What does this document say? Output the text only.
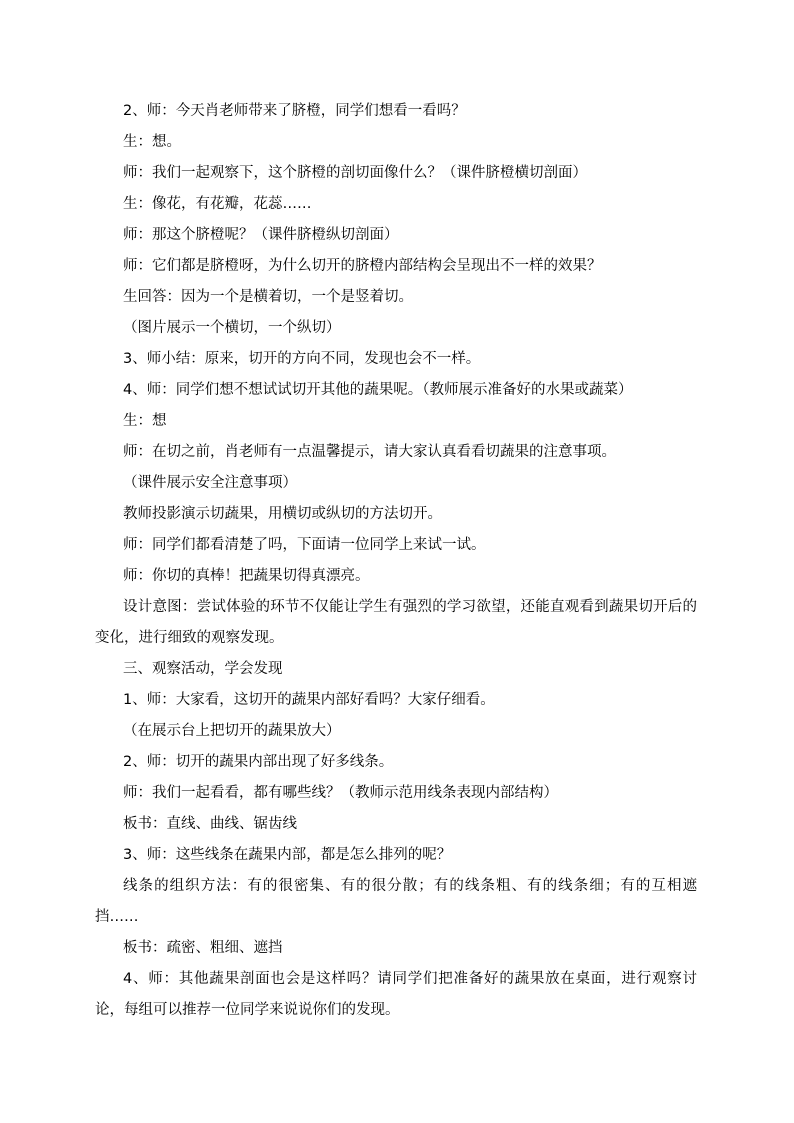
2、师：今天肖老师带来了脐橙，同学们想看一看吗？
生：想。
师：我们一起观察下，这个脐橙的剖切面像什么？（课件脐橙横切剖面）
生：像花，有花瓣，花蕊……
师：那这个脐橙呢？（课件脐橙纵切剖面）
师：它们都是脐橙呀，为什么切开的脐橙内部结构会呈现出不一样的效果？
生回答：因为一个是横着切，一个是竖着切。
（图片展示一个横切，一个纵切）
3、师小结：原来，切开的方向不同，发现也会不一样。
4、师：同学们想不想试试切开其他的蔬果呢。（教师展示准备好的水果或蔬菜）
生：想
师：在切之前，肖老师有一点温馨提示，请大家认真看看切蔬果的注意事项。
（课件展示安全注意事项）
教师投影演示切蔬果，用横切或纵切的方法切开。
师：同学们都看清楚了吗，下面请一位同学上来试一试。
师：你切的真棒！把蔬果切得真漂亮。
设计意图：尝试体验的环节不仅能让学生有强烈的学习欲望，还能直观看到蔬果切开后的变化，进行细致的观察发现。
三、观察活动，学会发现
1、师：大家看，这切开的蔬果内部好看吗？大家仔细看。
（在展示台上把切开的蔬果放大）
2、师：切开的蔬果内部出现了好多线条。
师：我们一起看看，都有哪些线？（教师示范用线条表现内部结构）
板书：直线、曲线、锯齿线
3、师：这些线条在蔬果内部，都是怎么排列的呢？
线条的组织方法：有的很密集、有的很分散；有的线条粗、有的线条细；有的互相遮挡……
板书：疏密、粗细、遮挡
4、师：其他蔬果剖面也会是这样吗？请同学们把准备好的蔬果放在桌面，进行观察讨论，每组可以推荐一位同学来说说你们的发现。
